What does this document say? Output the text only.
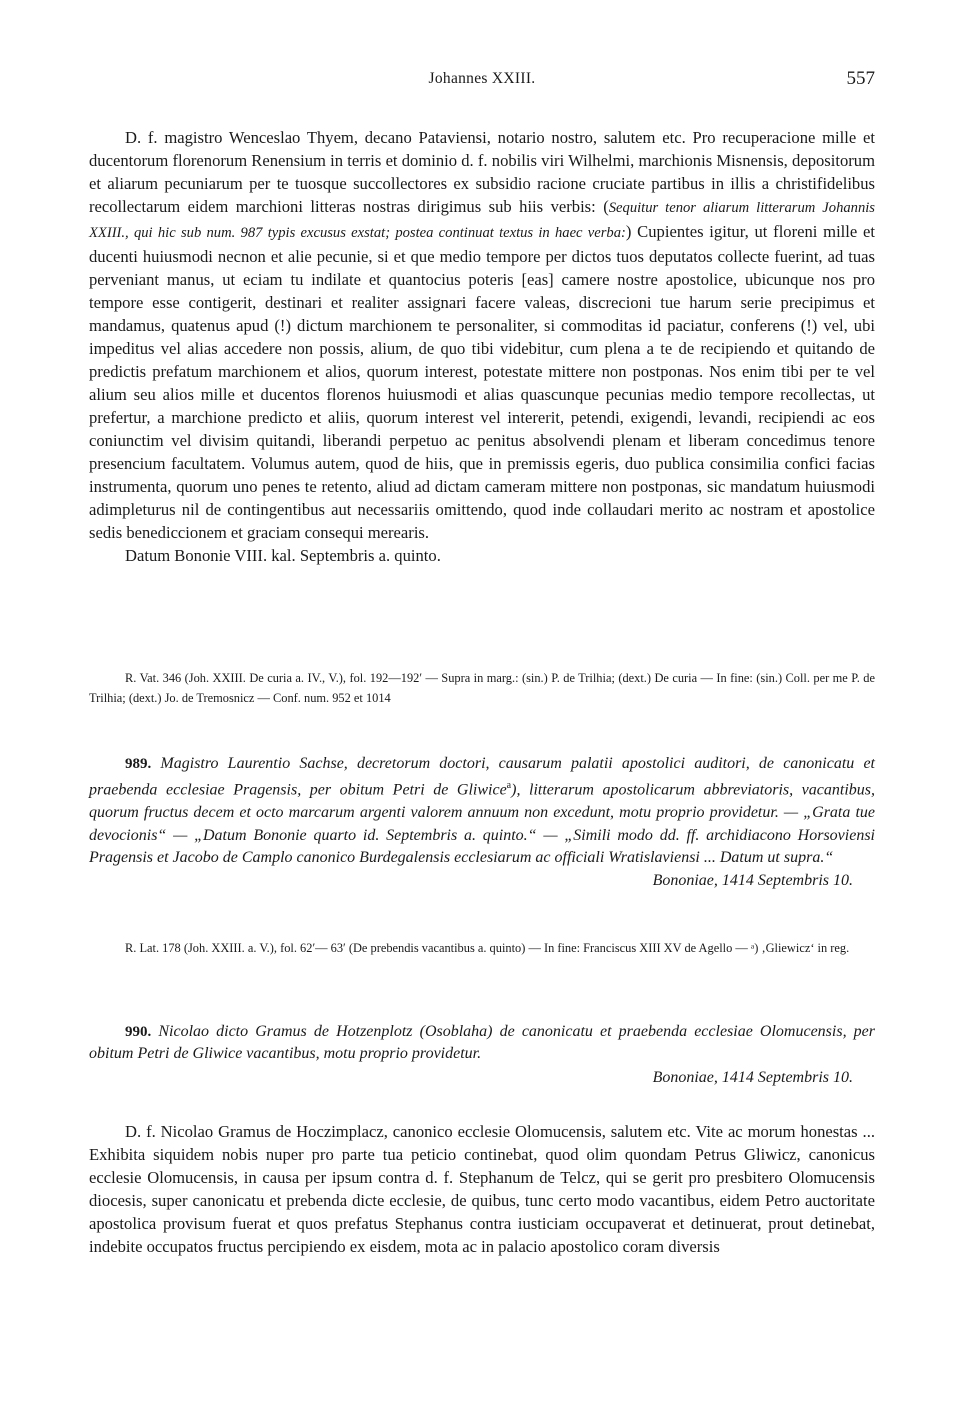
Johannes XXIII.	557

D. f. magistro Wenceslao Thyem, decano Pataviensi, notario nostro, salutem etc. Pro recuperacione mille et ducentorum florenorum Renensium in terris et dominio d. f. nobilis viri Wilhelmi, marchionis Misnensis, depositorum et aliarum pecuniarum per te tuosque succollectores ex subsidio racione cruciate partibus in illis a christifidelibus recollectarum eidem marchioni litteras nostras dirigimus sub hiis verbis: (Sequitur tenor aliarum litterarum Johannis XXIII., qui hic sub num. 987 typis excusus exstat; postea continuat textus in haec verba:) Cupientes igitur, ut floreni mille et ducenti huiusmodi necnon et alie pecunie, si et que medio tempore per dictos tuos deputatos collecte fuerint, ad tuas perveniant manus, ut eciam tu indilate et quantocius poteris [eas] camere nostre apostolice, ubicunque nos pro tempore esse contigerit, destinari et realiter assignari facere valeas, discrecioni tue harum serie precipimus et mandamus, quatenus apud (!) dictum marchionem te personaliter, si commoditas id paciatur, conferens (!) vel, ubi impeditus vel alias accedere non possis, alium, de quo tibi videbitur, cum plena a te de recipiendo et quitando de predictis prefatum marchionem et alios, quorum interest, potestate mittere non postponas. Nos enim tibi per te vel alium seu alios mille et ducentos florenos huiusmodi et alias quascunque pecunias medio tempore recollectas, ut prefertur, a marchione predicto et aliis, quorum interest vel intererit, petendi, exigendi, levandi, recipiendi ac eos coniunctim vel divisim quitandi, liberandi perpetuo ac penitus absolvendi plenam et liberam concedimus tenore presencium facultatem. Volumus autem, quod de hiis, que in premissis egeris, duo publica consimilia confici facias instrumenta, quorum uno penes te retento, aliud ad dictam cameram mittere non postponas, sic mandatum huiusmodi adimpleturus nil de contingentibus aut necessariis omittendo, quod inde collaudari merito ac nostram et apostolice sedis benediccionem et graciam consequi merearis.

Datum Bononie VIII. kal. Septembris a. quinto.

R. Vat. 346 (Joh. XXIII. De curia a. IV., V.), fol. 192—192′ — Supra in marg.: (sin.) P. de Trilhia; (dext.) De curia — In fine: (sin.) Coll. per me P. de Trilhia; (dext.) Jo. de Tremosnicz — Conf. num. 952 et 1014

989. Magistro Laurentio Sachse, decretorum doctori, causarum palatii apostolici auditori, de canonicatu et praebenda ecclesiae Pragensis, per obitum Petri de Gliwice$^a$), litterarum apostolicarum abbreviatoris, vacantibus, quorum fructus decem et octo marcarum argenti valorem annuum non excedunt, motu proprio providetur. — „Grata tue devocionis“ — „Datum Bononie quarto id. Septembris a. quinto.“ — „Simili modo dd. ff. archidiacono Horsoviensi Pragensis et Jacobo de Camplo canonico Burdegalensis ecclesiarum ac officiali Wratislaviensi ... Datum ut supra.“

Bononiae, 1414 Septembris 10.

R. Lat. 178 (Joh. XXIII. a. V.), fol. 62′— 63′ (De prebendis vacantibus a. quinto) — In fine: Franciscus XIII XV de Agello — ᵃ) ‚Gliewicz‘ in reg.

990. Nicolao dicto Gramus de Hotzenplotz (Osoblaha) de canonicatu et praebenda ecclesiae Olomucensis, per obitum Petri de Gliwice vacantibus, motu proprio providetur.

Bononiae, 1414 Septembris 10.

D. f. Nicolao Gramus de Hoczimplacz, canonico ecclesie Olomucensis, salutem etc. Vite ac morum honestas ... Exhibita siquidem nobis nuper pro parte tua peticio continebat, quod olim quondam Petrus Gliwicz, canonicus ecclesie Olomucensis, in causa per ipsum contra d. f. Stephanum de Telcz, qui se gerit pro presbitero Olomucensis diocesis, super canonicatu et prebenda dicte ecclesie, de quibus, tunc certo modo vacantibus, eidem Petro auctoritate apostolica provisum fuerat et quos prefatus Stephanus contra iusticiam occupaverat et detinuerat, prout detinebat, indebite occupatos fructus percipiendo ex eisdem, mota ac in palacio apostolico coram diversis
